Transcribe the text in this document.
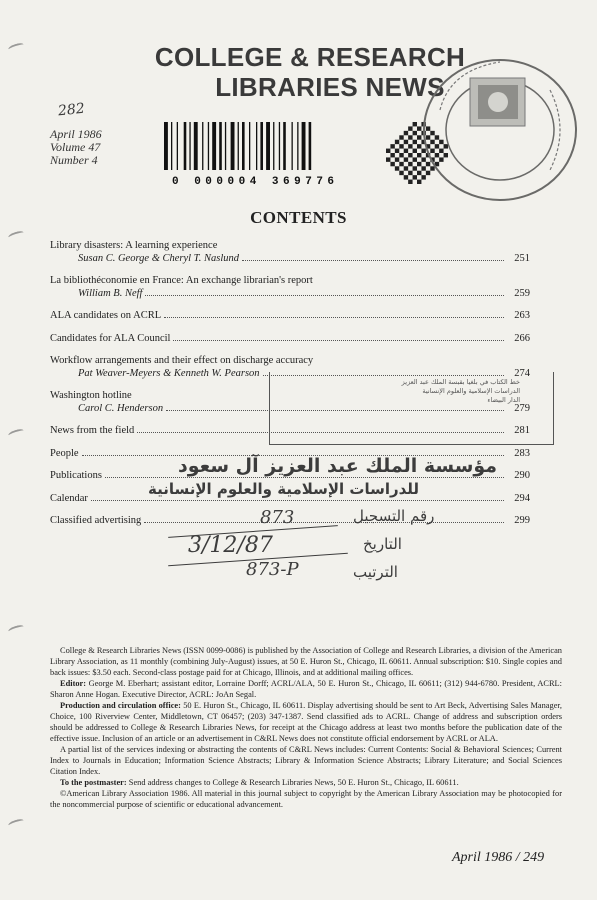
COLLEGE & RESEARCH
LIBRARIES NEWS
282
April 1986
Volume 47
Number 4
0 000004 369776
CONTENTS
Library disasters: A learning experience
Susan C. George & Cheryl T. Naslund	251
La bibliothéconomie en France: An exchange librarian's report
William B. Neff	259
ALA candidates on ACRL	263
Candidates for ALA Council	266
Workflow arrangements and their effect on discharge accuracy
Pat Weaver-Meyers & Kenneth W. Pearson	274
Washington hotline
Carol C. Henderson	279
News from the field	281
People	283
Publications	290
Calendar	294
Classified advertising	299
خط الكتاب في بلغيا بقبسة الملك عبد العزيز
الدراسات الإسلامية والعلوم الإنسانية
الدار البيضاء
مؤسسة الملك عبد العزيز آل سعود
للدراسات الإسلامية والعلوم الإنسانية
رقم التسجيل
التاريخ
الترتيب
873
3/12/87
873-P

College & Research Libraries News (ISSN 0099-0086) is published by the Association of College and Research Libraries, a division of the American Library Association, as 11 monthly (combining July-August) issues, at 50 E. Huron St., Chicago, IL 60611. Annual subscription: $10. Single copies and back issues: $3.50 each. Second-class postage paid for at Chicago, Illinois, and at additional mailing offices.

Editor: George M. Eberhart; assistant editor, Lorraine Dorff; ACRL/ALA, 50 E. Huron St., Chicago, IL 60611; (312) 944-6780. President, ACRL: Sharon Anne Hogan. Executive Director, ACRL: JoAn Segal.

Production and circulation office: 50 E. Huron St., Chicago, IL 60611. Display advertising should be sent to Art Beck, Advertising Sales Manager, Choice, 100 Riverview Center, Middletown, CT 06457; (203) 347-1387. Send classified ads to ACRL. Change of address and subscription orders should be addressed to College & Research Libraries News, for receipt at the Chicago address at least two months before the publication date of the effective issue. Inclusion of an article or an advertisement in C&RL News does not constitute official endorsement by ACRL or ALA.

A partial list of the services indexing or abstracting the contents of C&RL News includes: Current Contents: Social & Behavioral Sciences; Current Index to Journals in Education; Information Science Abstracts; Library & Information Science Abstracts; Library Literature; and Social Sciences Citation Index.

To the postmaster: Send address changes to College & Research Libraries News, 50 E. Huron St., Chicago, IL 60611.

©American Library Association 1986. All material in this journal subject to copyright by the American Library Association may be photocopied for the noncommercial purpose of scientific or educational advancement.

April 1986 / 249
